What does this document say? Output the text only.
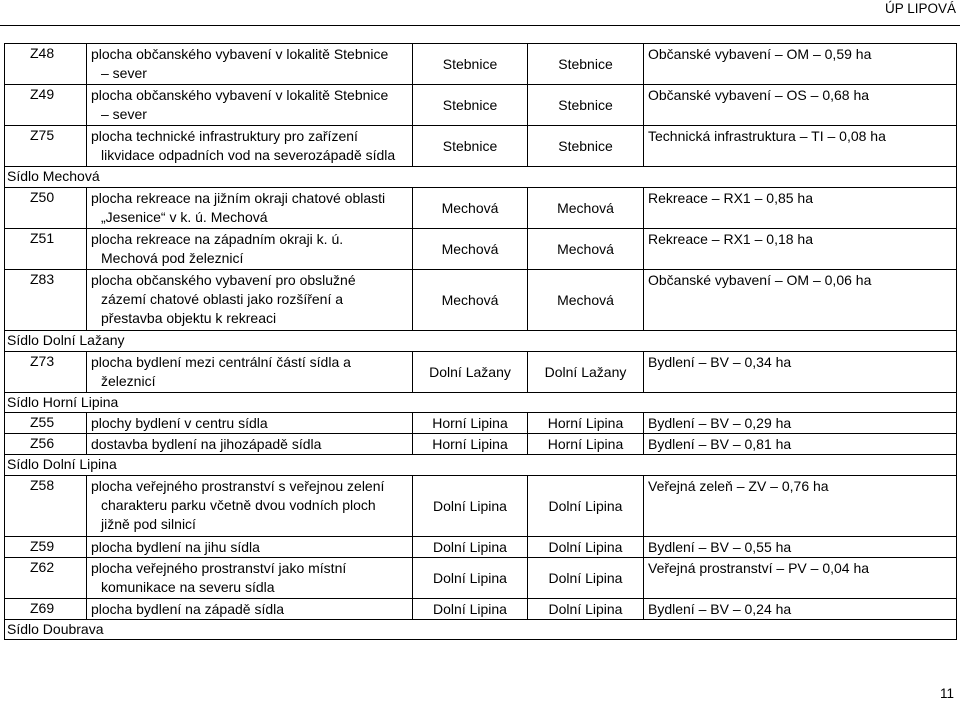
ÚP LIPOVÁ
Z48	plocha občanského vybavení v lokalitě Stebnice
– sever	Stebnice	Stebnice	Občanské vybavení – OM – 0,59 ha
Z49	plocha občanského vybavení v lokalitě Stebnice
– sever	Stebnice	Stebnice	Občanské vybavení – OS – 0,68 ha
Z75	plocha technické infrastruktury pro zařízení
likvidace odpadních vod na severozápadě sídla	Stebnice	Stebnice	Technická infrastruktura – TI – 0,08 ha
Sídlo Mechová				
Z50	plocha rekreace na jižním okraji chatové oblasti
„Jesenice“ v k. ú. Mechová	Mechová	Mechová	Rekreace – RX1 – 0,85 ha
Z51	plocha rekreace na západním okraji k. ú.
Mechová pod železnicí	Mechová	Mechová	Rekreace – RX1 – 0,18 ha
Z83	plocha občanského vybavení pro obslužné
zázemí chatové oblasti jako rozšíření a
přestavba objektu k rekreaci	Mechová	Mechová	Občanské vybavení – OM – 0,06 ha
Sídlo Dolní Lažany				
Z73	plocha bydlení mezi centrální částí sídla a
železnicí	Dolní Lažany	Dolní Lažany	Bydlení – BV – 0,34 ha
Sídlo Horní Lipina				
Z55	plochy bydlení v centru sídla	Horní Lipina	Horní Lipina	Bydlení – BV – 0,29 ha
Z56	dostavba bydlení na jihozápadě sídla	Horní Lipina	Horní Lipina	Bydlení – BV – 0,81 ha
Sídlo Dolní Lipina				
Z58	plocha veřejného prostranství s veřejnou zelení
charakteru parku včetně dvou vodních ploch
jižně pod silnicí	Dolní Lipina	Dolní Lipina	Veřejná zeleň – ZV – 0,76 ha
Z59	plocha bydlení na jihu sídla	Dolní Lipina	Dolní Lipina	Bydlení – BV – 0,55 ha
Z62	plocha veřejného prostranství jako místní
komunikace na severu sídla	Dolní Lipina	Dolní Lipina	Veřejná prostranství – PV – 0,04 ha
Z69	plocha bydlení na západě sídla	Dolní Lipina	Dolní Lipina	Bydlení – BV – 0,24 ha
Sídlo Doubrava				
11
